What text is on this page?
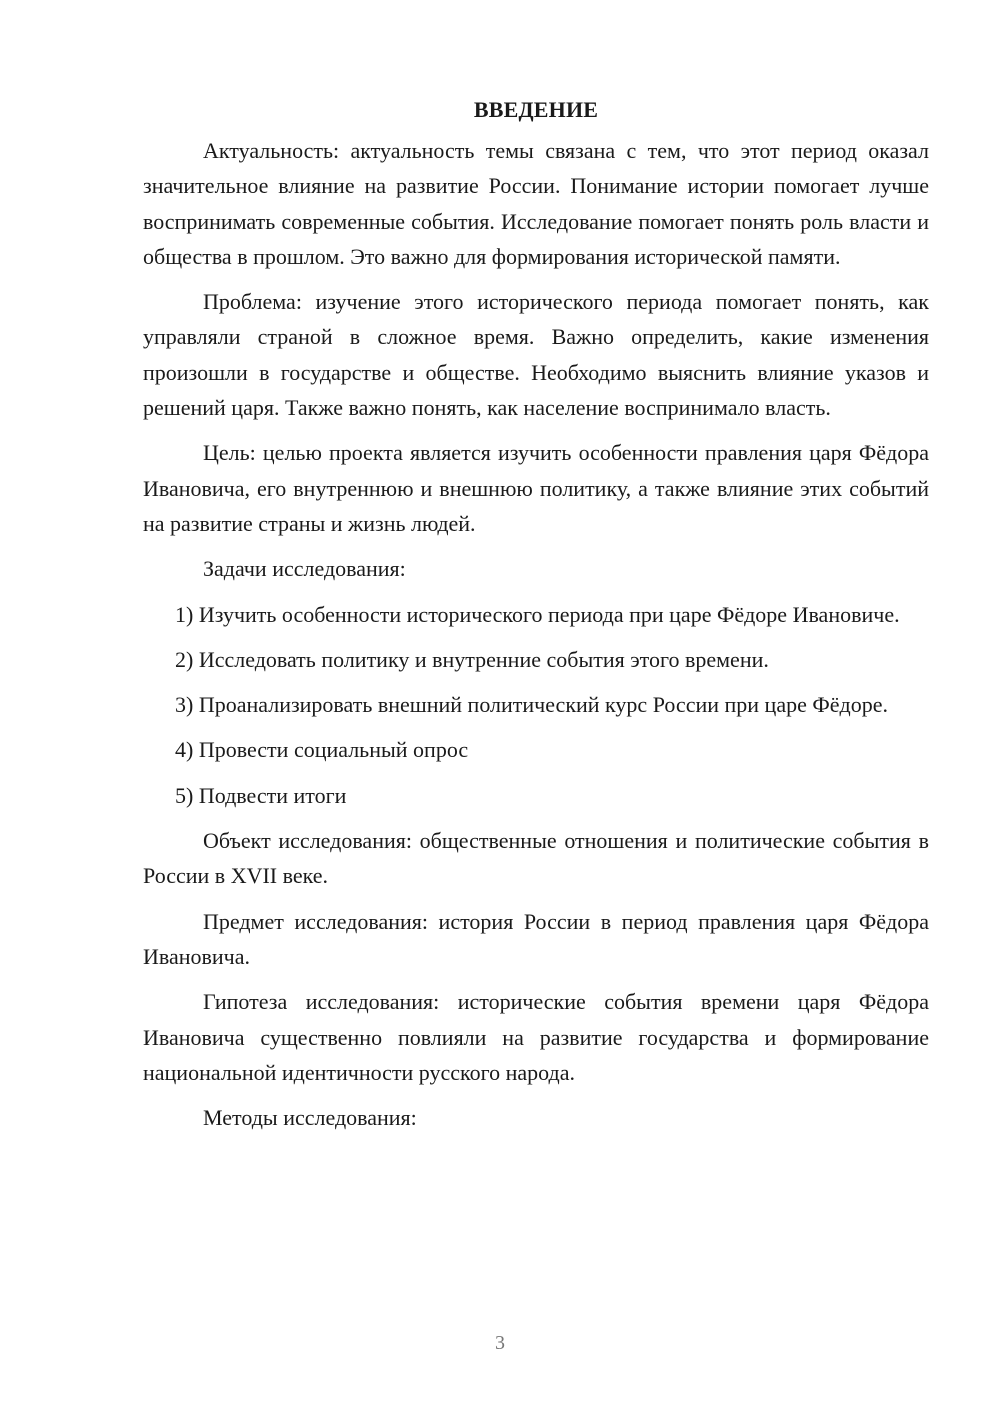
ВВЕДЕНИЕ

Актуальность: актуальность темы связана с тем, что этот период оказал значительное влияние на развитие России. Понимание истории помогает лучше воспринимать современные события. Исследование помогает понять роль власти и общества в прошлом. Это важно для формирования исторической памяти.

Проблема: изучение этого исторического периода помогает понять, как управляли страной в сложное время. Важно определить, какие изменения произошли в государстве и обществе. Необходимо выяснить влияние указов и решений царя. Также важно понять, как население воспринимало власть.

Цель: целью проекта является изучить особенности правления царя Фёдора Ивановича, его внутреннюю и внешнюю политику, а также влияние этих событий на развитие страны и жизнь людей.

Задачи исследования:

1) Изучить особенности исторического периода при царе Фёдоре Ивановиче.

2) Исследовать политику и внутренние события этого времени.

3) Проанализировать внешний политический курс России при царе Фёдоре.

4) Провести социальный опрос

5) Подвести итоги

Объект исследования: общественные отношения и политические события в России в XVII веке.

Предмет исследования: история России в период правления царя Фёдора Ивановича.

Гипотеза исследования: исторические события времени царя Фёдора Ивановича существенно повлияли на развитие государства и формирование национальной идентичности русского народа.

Методы исследования:

3
